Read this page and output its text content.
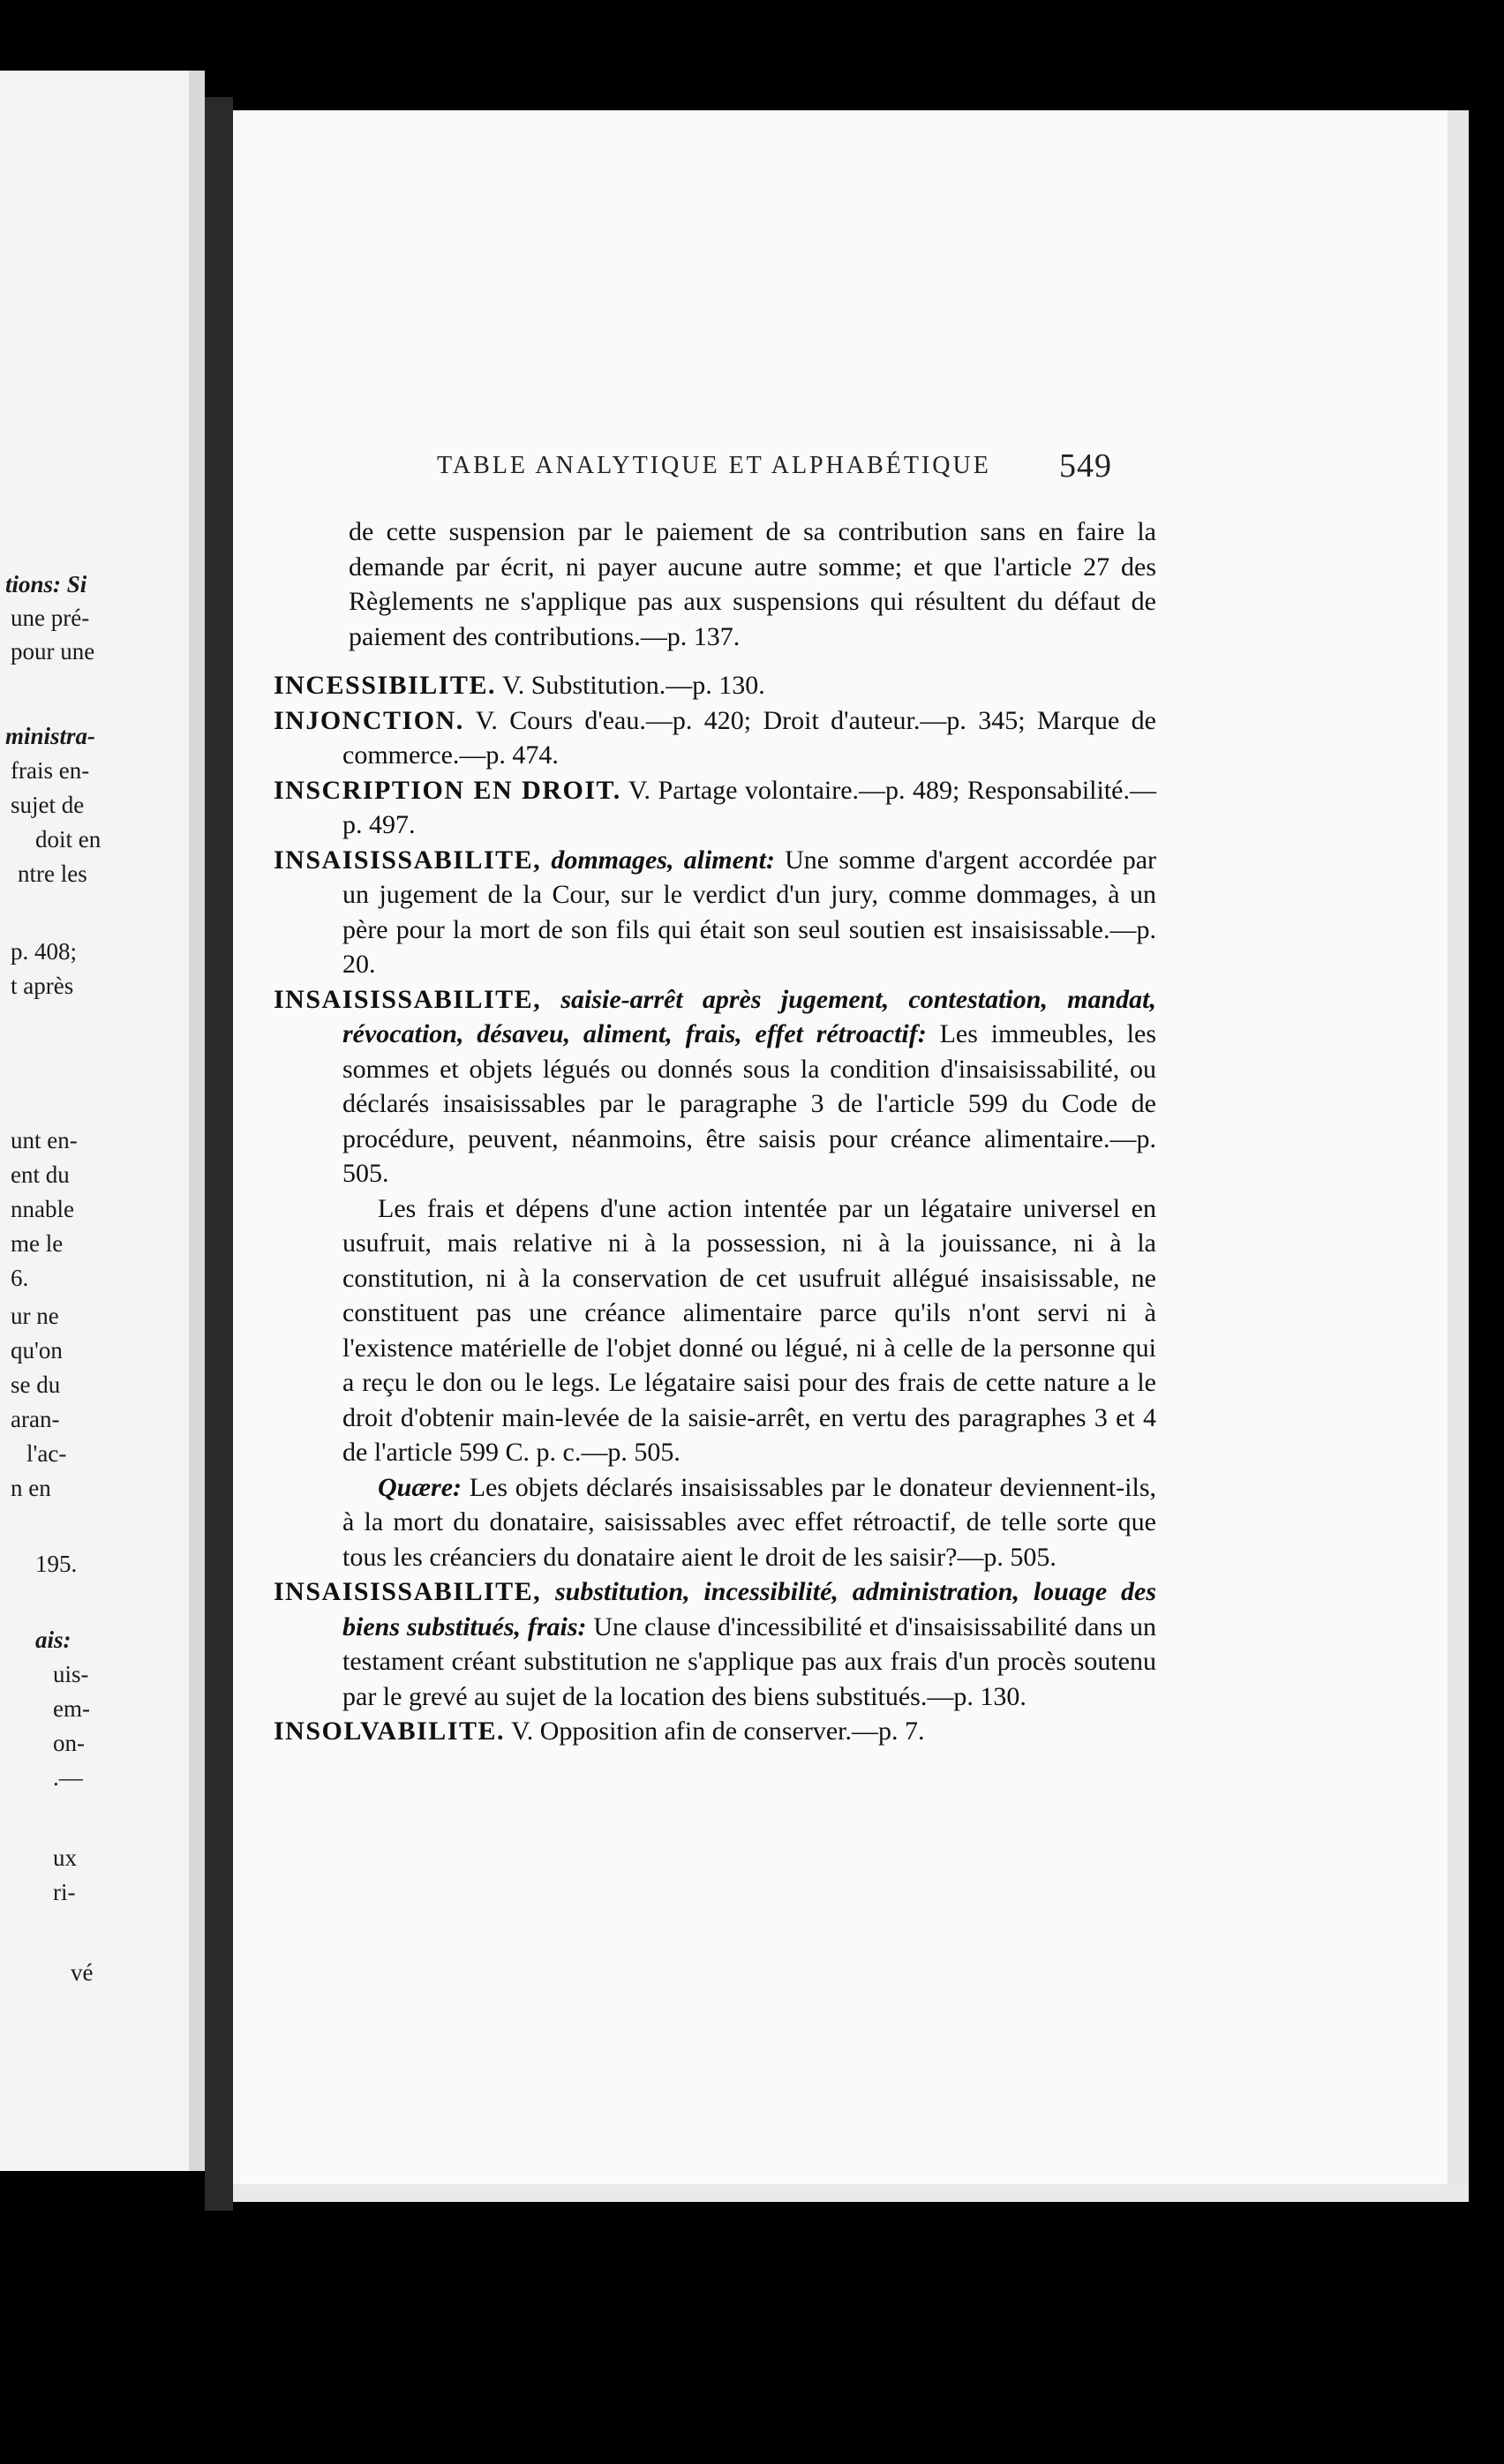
tions: Si
une pré-
pour une
ministra-
frais en-
sujet de
doit en
ntre les
p. 408;
t après
unt en-
ent du
nnable
me le
6.
ur ne
qu'on
se du
aran-
l'ac-
n en
195.
ais:
uis-
em-
on-
.—
ux
ri-
vé
TABLE ANALYTIQUE ET ALPHABÉTIQUE 549
de cette suspension par le paiement de sa contribution sans en faire la demande par écrit, ni payer aucune autre somme; et que l'article 27 des Règlements ne s'applique pas aux suspensions qui résultent du défaut de paiement des contributions.—p. 137.
INCESSIBILITE. V. Substitution.—p. 130.
INJONCTION. V. Cours d'eau.—p. 420; Droit d'auteur.—p. 345; Marque de commerce.—p. 474.
INSCRIPTION EN DROIT. V. Partage volontaire.—p. 489; Responsabilité.—p. 497.
INSAISISSABILITE, dommages, aliment: Une somme d'argent accordée par un jugement de la Cour, sur le verdict d'un jury, comme dommages, à un père pour la mort de son fils qui était son seul soutien est insaisissable.—p. 20.
INSAISISSABILITE, saisie-arrêt après jugement, contestation, mandat, révocation, désaveu, aliment, frais, effet rétroactif: Les immeubles, les sommes et objets légués ou donnés sous la condition d'insaisissabilité, ou déclarés insaisissables par le paragraphe 3 de l'article 599 du Code de procédure, peuvent, néanmoins, être saisis pour créance alimentaire.—p. 505.
Les frais et dépens d'une action intentée par un légataire universel en usufruit, mais relative ni à la possession, ni à la jouissance, ni à la constitution, ni à la conservation de cet usufruit allégué insaisissable, ne constituent pas une créance alimentaire parce qu'ils n'ont servi ni à l'existence matérielle de l'objet donné ou légué, ni à celle de la personne qui a reçu le don ou le legs. Le légataire saisi pour des frais de cette nature a le droit d'obtenir main-levée de la saisie-arrêt, en vertu des paragraphes 3 et 4 de l'article 599 C. p. c.—p. 505.
Quære: Les objets déclarés insaisissables par le donateur deviennent-ils, à la mort du donataire, saisissables avec effet rétroactif, de telle sorte que tous les créanciers du donataire aient le droit de les saisir?—p. 505.
INSAISISSABILITE, substitution, incessibilité, administration, louage des biens substitués, frais: Une clause d'incessibilité et d'insaisissabilité dans un testament créant substitution ne s'applique pas aux frais d'un procès soutenu par le grevé au sujet de la location des biens substitués.—p. 130.
INSOLVABILITE. V. Opposition afin de conserver.—p. 7.
